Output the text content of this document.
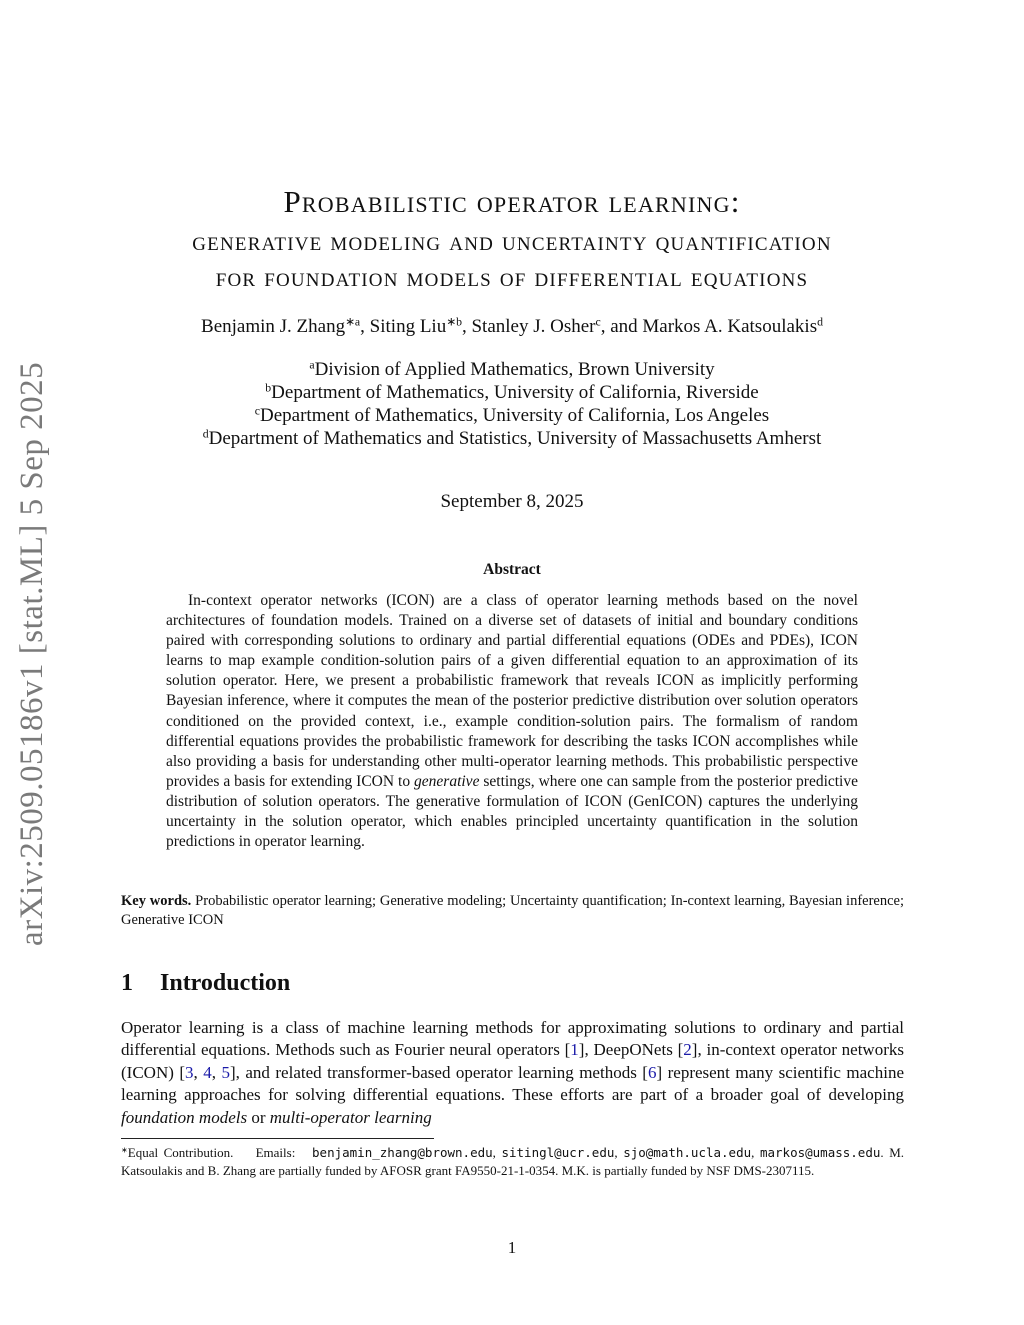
arXiv:2509.05186v1 [stat.ML] 5 Sep 2025
Probabilistic operator learning:
generative modeling and uncertainty quantification
for foundation models of differential equations
Benjamin J. Zhang$^{∗a}$, Siting Liu$^{∗b}$, Stanley J. Osher$^c$, and Markos A. Katsoulakis$^d$
$^a$Division of Applied Mathematics, Brown University
$^b$Department of Mathematics, University of California, Riverside
$^c$Department of Mathematics, University of California, Los Angeles
$^d$Department of Mathematics and Statistics, University of Massachusetts Amherst
September 8, 2025
Abstract
In-context operator networks (ICON) are a class of operator learning methods based on the novel architectures of foundation models. Trained on a diverse set of datasets of initial and boundary conditions paired with corresponding solutions to ordinary and partial differential equations (ODEs and PDEs), ICON learns to map example condition-solution pairs of a given differential equation to an approximation of its solution operator. Here, we present a probabilistic framework that reveals ICON as implicitly performing Bayesian inference, where it computes the mean of the posterior predictive distribution over solution operators conditioned on the provided context, i.e., example condition-solution pairs. The formalism of random differential equations provides the probabilistic framework for describing the tasks ICON accomplishes while also providing a basis for understanding other multi-operator learning methods. This probabilistic perspective provides a basis for extending ICON to generative settings, where one can sample from the posterior predictive distribution of solution operators. The generative formulation of ICON (GenICON) captures the underlying uncertainty in the solution operator, which enables principled uncertainty quantification in the solution predictions in operator learning.
Key words. Probabilistic operator learning; Generative modeling; Uncertainty quantification; In-context learning, Bayesian inference; Generative ICON
1 Introduction
Operator learning is a class of machine learning methods for approximating solutions to ordinary and partial differential equations. Methods such as Fourier neural operators [1], DeepONets [2], in-context operator networks (ICON) [3, 4, 5], and related transformer-based operator learning methods [6] represent many scientific machine learning approaches for solving differential equations. These efforts are part of a broader goal of developing foundation models or multi-operator learning
∗Equal Contribution.    Emails:   benjamin_zhang@brown.edu, sitingl@ucr.edu, sjo@math.ucla.edu, markos@umass.edu. M. Katsoulakis and B. Zhang are partially funded by AFOSR grant FA9550-21-1-0354. M.K. is partially funded by NSF DMS-2307115.
1
